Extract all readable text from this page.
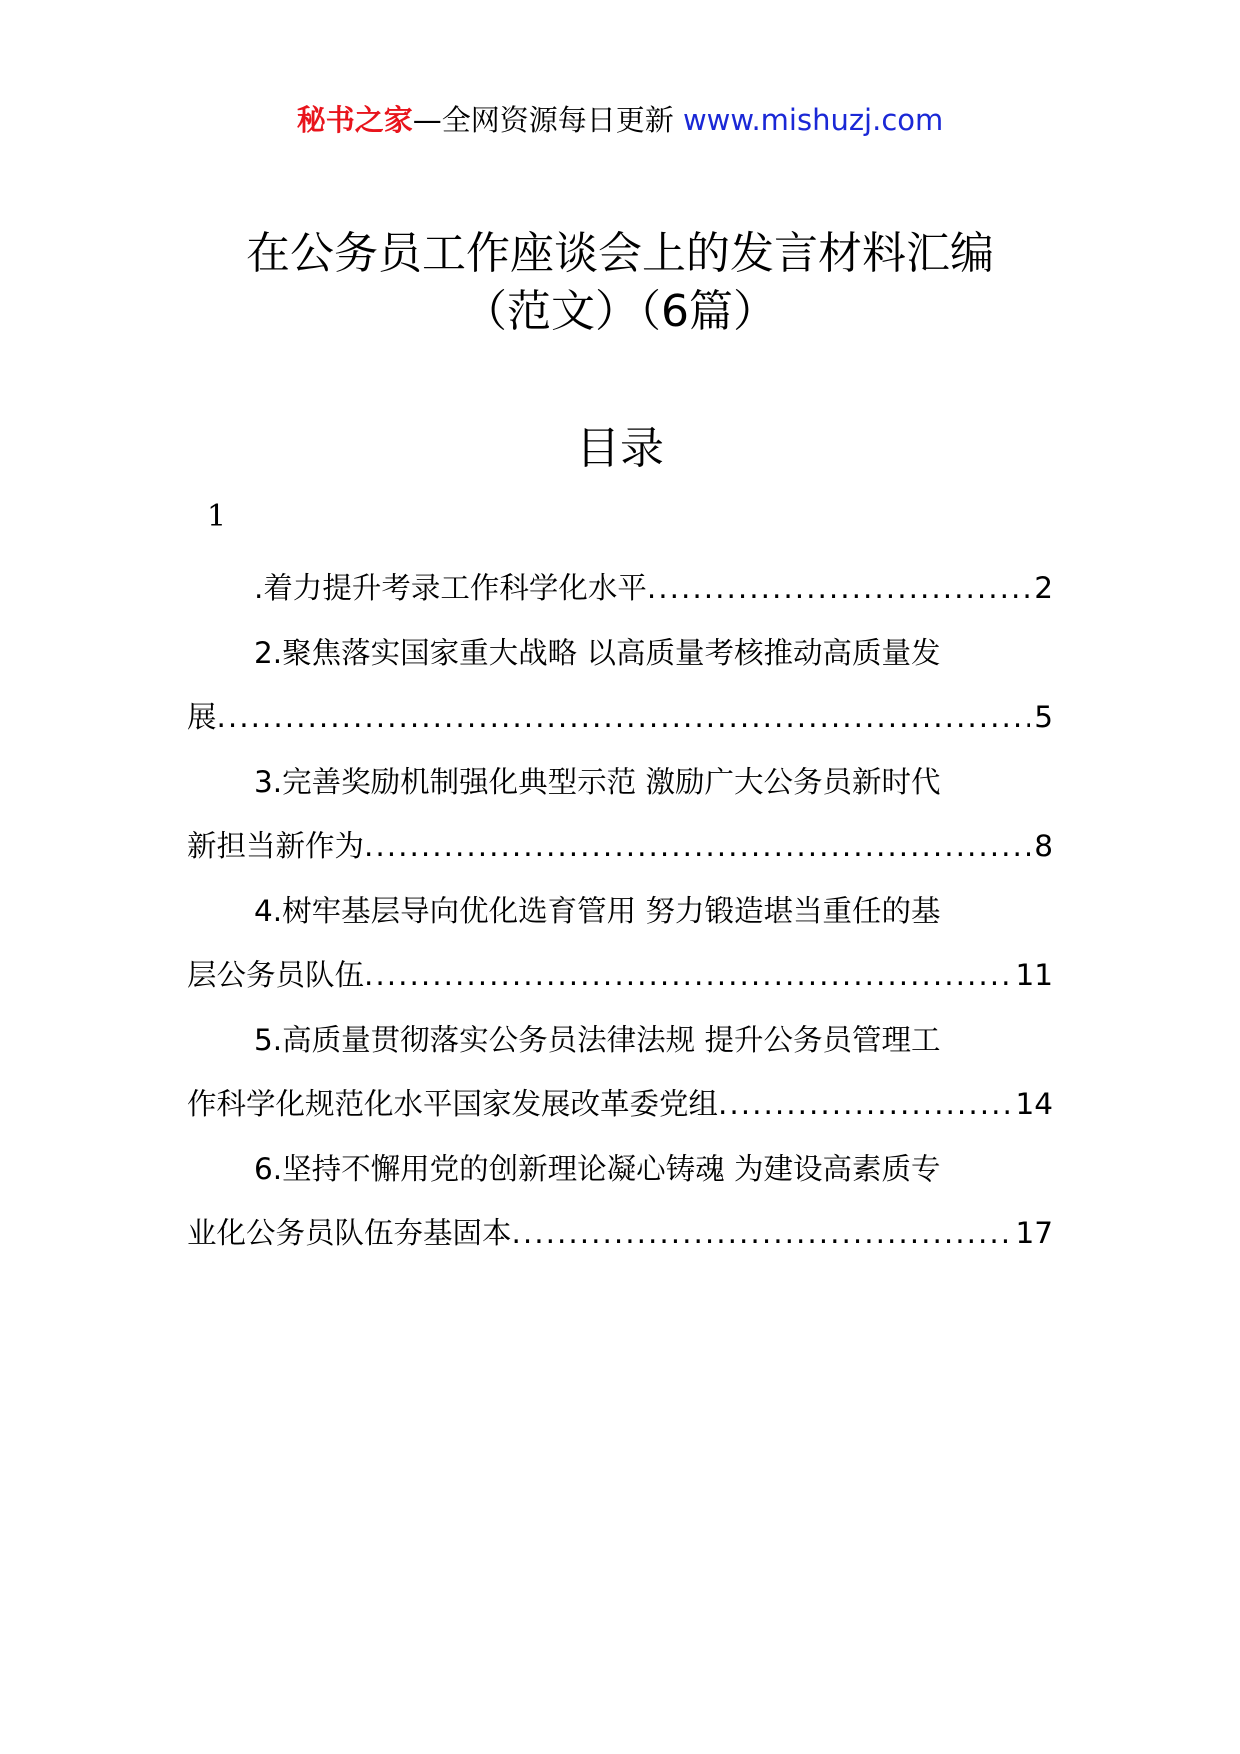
秘书之家—全网资源每日更新 www.mishuzj.com
在公务员工作座谈会上的发言材料汇编
（范文）（6篇）
目录
1
.着力提升考录工作科学化水平 .....	2
2.聚焦落实国家重大战略 以高质量考核推动高质量发
展 .....	5
3.完善奖励机制强化典型示范 激励广大公务员新时代
新担当新作为 .....	8
4.树牢基层导向优化选育管用 努力锻造堪当重任的基
层公务员队伍 .....	11
5.高质量贯彻落实公务员法律法规 提升公务员管理工
作科学化规范化水平国家发展改革委党组 .....	14
6.坚持不懈用党的创新理论凝心铸魂 为建设高素质专
业化公务员队伍夯基固本 .....	17
